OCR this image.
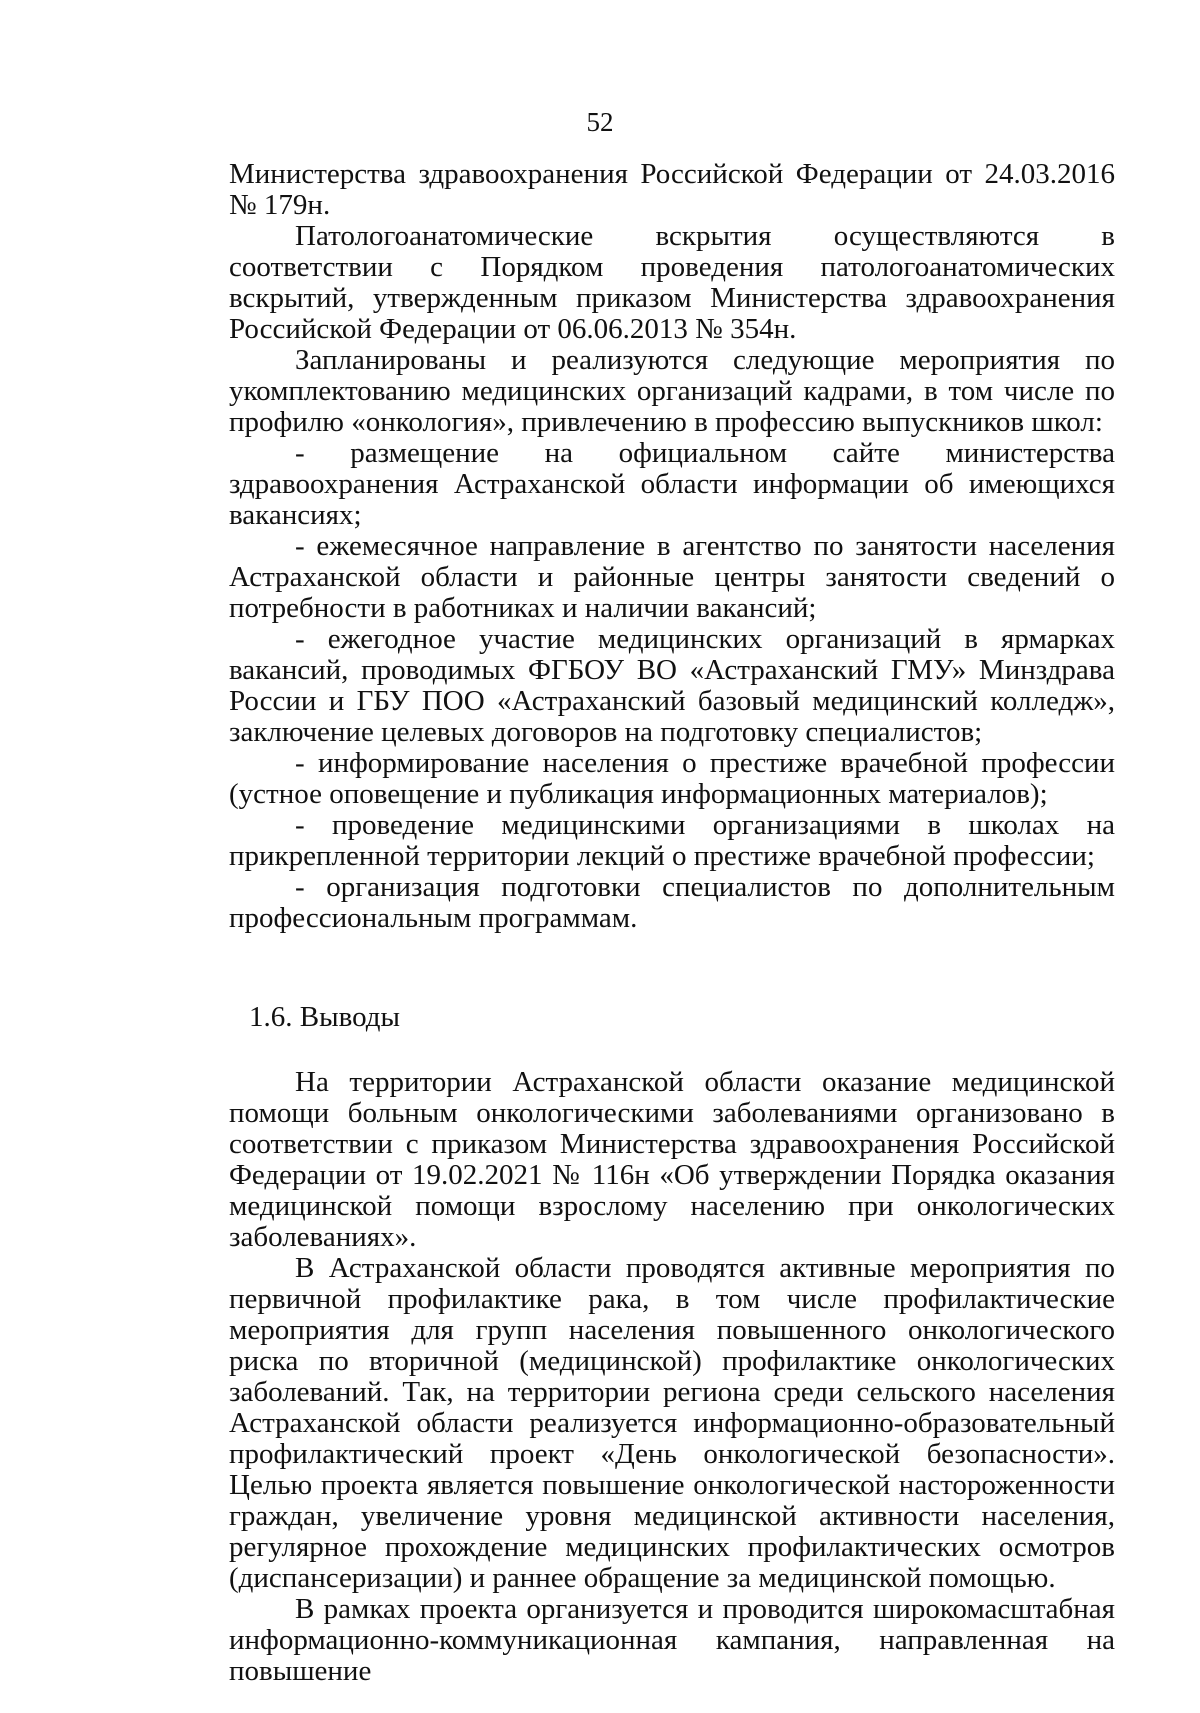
52

Министерства здравоохранения Российской Федерации от 24.03.2016 № 179н.

Патологоанатомические вскрытия осуществляются в соответствии с Порядком проведения патологоанатомических вскрытий, утвержденным приказом Министерства здравоохранения Российской Федерации от 06.06.2013 № 354н.

Запланированы и реализуются следующие мероприятия по укомплектованию медицинских организаций кадрами, в том числе по профилю «онкология», привлечению в профессию выпускников школ:

- размещение на официальном сайте министерства здравоохранения Астраханской области информации об имеющихся вакансиях;

- ежемесячное направление в агентство по занятости населения Астраханской области и районные центры занятости сведений о потребности в работниках и наличии вакансий;

- ежегодное участие медицинских организаций в ярмарках вакансий, проводимых ФГБОУ ВО «Астраханский ГМУ» Минздрава России и ГБУ ПОО «Астраханский базовый медицинский колледж», заключение целевых договоров на подготовку специалистов;

- информирование населения о престиже врачебной профессии (устное оповещение и публикация информационных материалов);

- проведение медицинскими организациями в школах на прикрепленной территории лекций о престиже врачебной профессии;

- организация подготовки специалистов по дополнительным профессиональным программам.

1.6. Выводы

На территории Астраханской области оказание медицинской помощи больным онкологическими заболеваниями организовано в соответствии с приказом Министерства здравоохранения Российской Федерации от 19.02.2021 № 116н «Об утверждении Порядка оказания медицинской помощи взрослому населению при онкологических заболеваниях».

В Астраханской области проводятся активные мероприятия по первичной профилактике рака, в том числе профилактические мероприятия для групп населения повышенного онкологического риска по вторичной (медицинской) профилактике онкологических заболеваний. Так, на территории региона среди сельского населения Астраханской области реализуется информационно-образовательный профилактический проект «День онкологической безопасности». Целью проекта является повышение онкологической настороженности граждан, увеличение уровня медицинской активности населения, регулярное прохождение медицинских профилактических осмотров (диспансеризации) и раннее обращение за медицинской помощью.

В рамках проекта организуется и проводится широкомасштабная информационно-коммуникационная кампания, направленная на повышение
